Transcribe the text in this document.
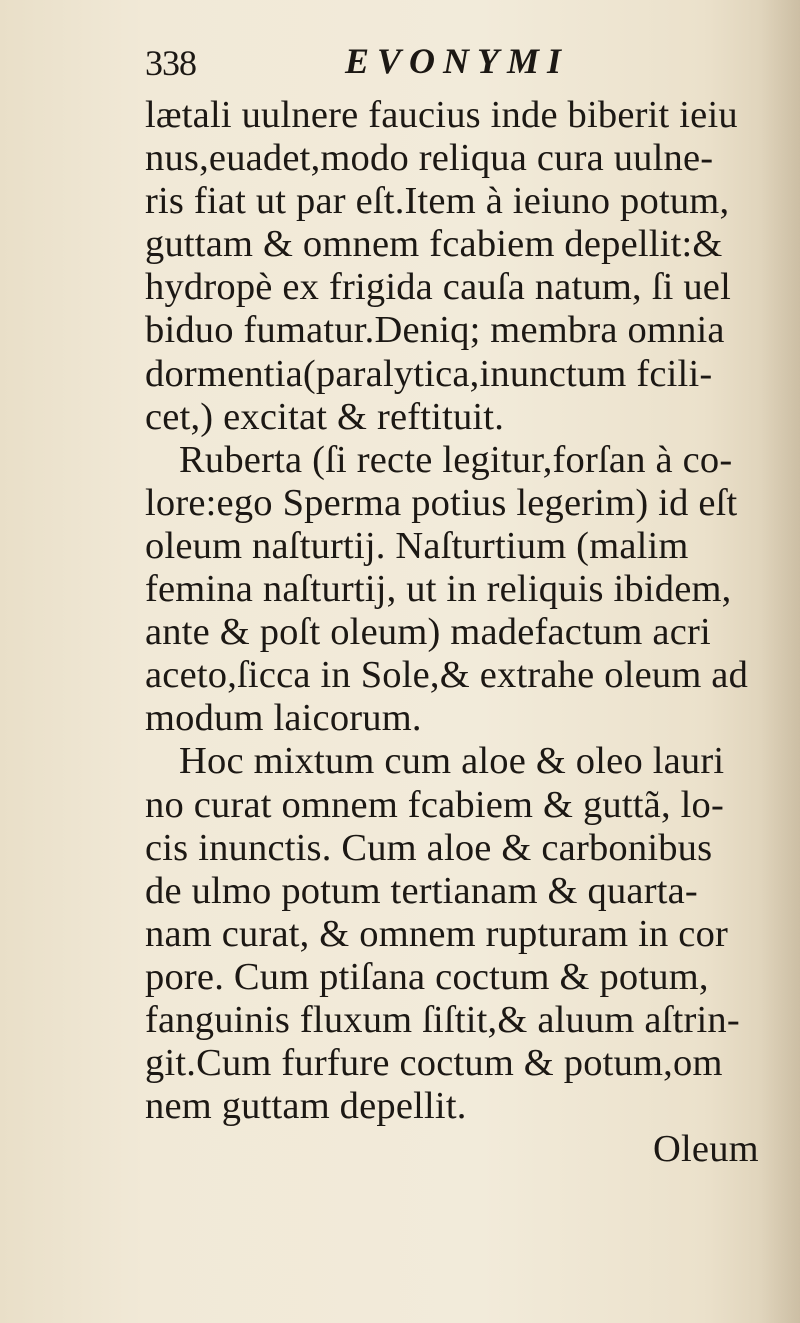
338	EVONYMI
lætali uulnere faucius inde biberit ieiu
nus,euadet,modo reliqua cura uulne-
ris fiat ut par eſt.Item à ieiuno potum,
guttam & omnem fcabiem depellit:&
hydropè ex frigida cauſa natum, ſi uel
biduo fumatur.Deniq; membra omnia
dormentia(paralytica,inunctum fcili-
cet,) excitat & reftituit.
Ruberta (ſi recte legitur,forſan à co-
lore:ego Sperma potius legerim) id eſt
oleum naſturtij. Naſturtium (malim
femina naſturtij, ut in reliquis ibidem,
ante & poſt oleum) madefactum acri
aceto,ſicca in Sole,& extrahe oleum ad
modum laicorum.
Hoc mixtum cum aloe & oleo lauri
no curat omnem fcabiem & guttã, lo-
cis inunctis. Cum aloe & carbonibus
de ulmo potum tertianam & quarta-
nam curat, & omnem rupturam in cor
pore. Cum ptiſana coctum & potum,
fanguinis fluxum ſiſtit,& aluum aſtrin-
git.Cum furfure coctum & potum,om
nem guttam depellit.
Oleum
